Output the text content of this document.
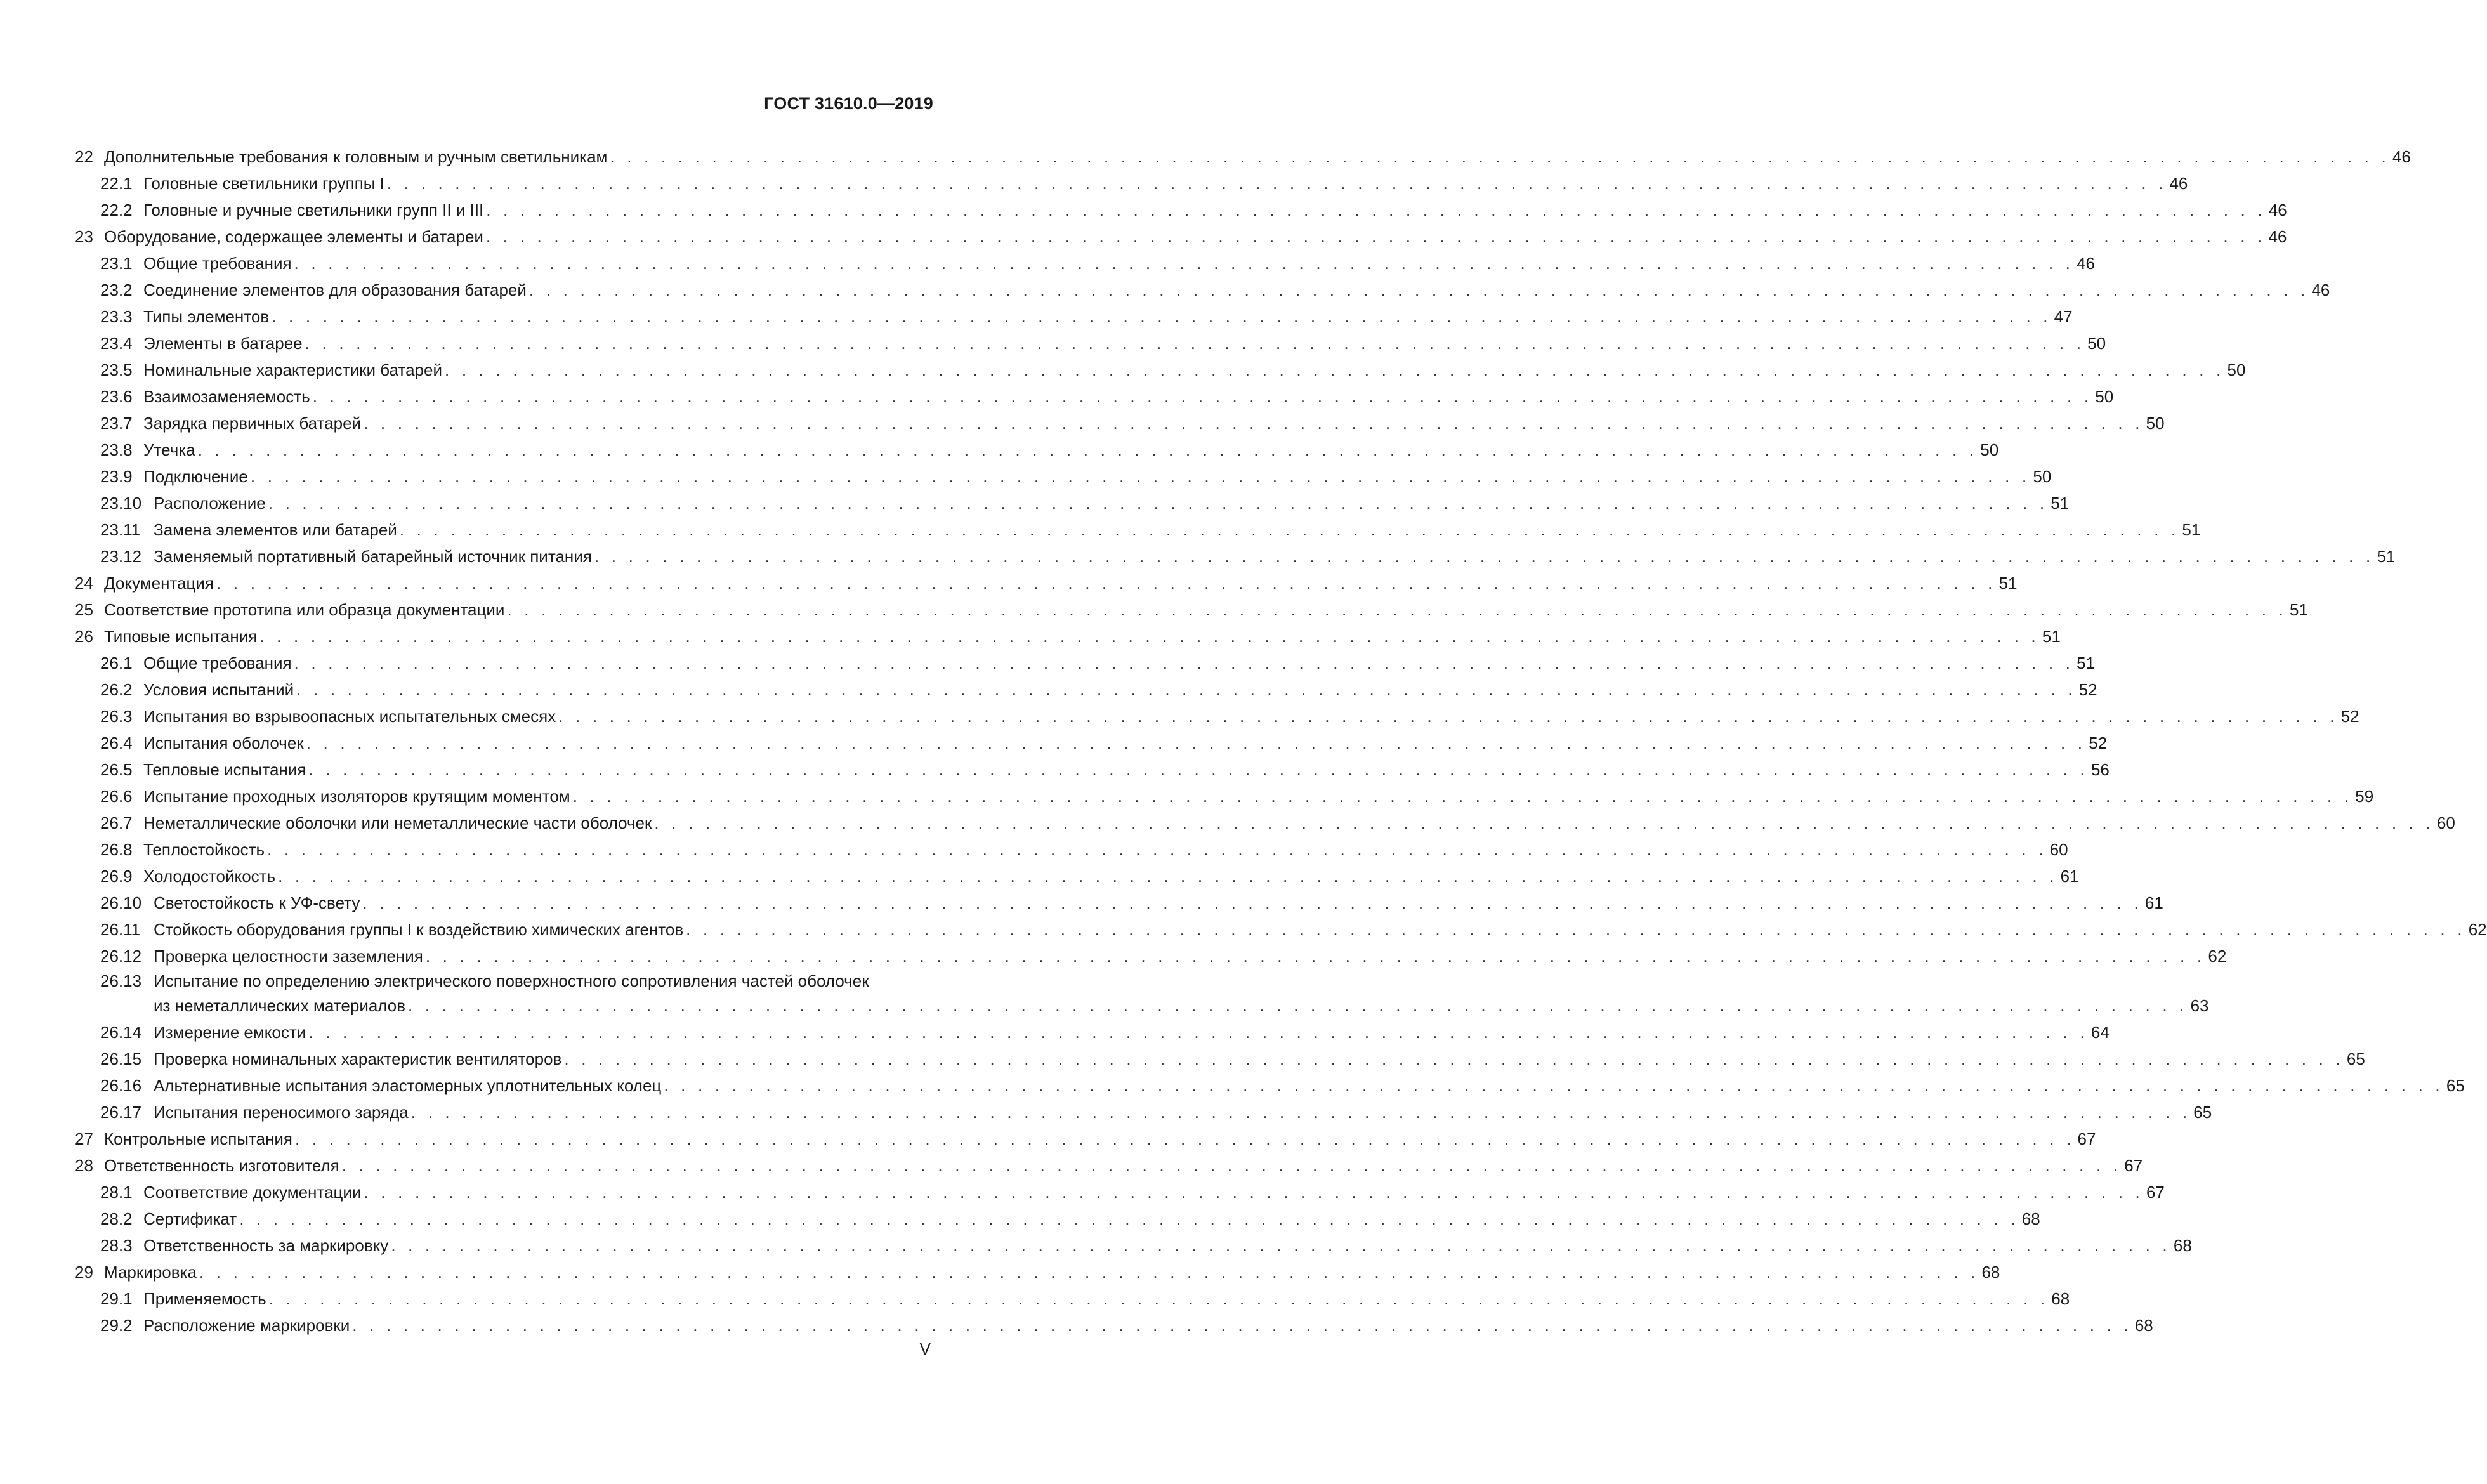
ГОСТ 31610.0—2019
22 Дополнительные требования к головным и ручным светильникам . . . . . . . . . . . . . . . . . . . . . . . . . . . . . . . . . . . . . . . . . . . . . . . . . . . . . . . . . . . . . . . . . . . . . . . . . . . . . . . . . . . . . . . . . . . . . . . . . . . . . . . . . 46
22.1 Головные светильники группы I . . . . . . . . . . . . . . . . . . . . . . . . . . . . . . . . . . . . . . . . . . . . . . . . . . . . . . . . . . . . . . . . . . . . . . . . . . . . . . . . . . . . . . . . . . . . . . . . . . . . . . . . . 46
22.2 Головные и ручные светильники групп II и III . . . . . . . . . . . . . . . . . . . . . . . . . . . . . . . . . . . . . . . . . . . . . . . . . . . . . . . . . . . . . . . . . . . . . . . . . . . . . . . . . . . . . . . . . . . . . . . . . . . . . . . . . 46
23 Оборудование, содержащее элементы и батареи . . . . . . . . . . . . . . . . . . . . . . . . . . . . . . . . . . . . . . . . . . . . . . . . . . . . . . . . . . . . . . . . . . . . . . . . . . . . . . . . . . . . . . . . . . . . . . . . . . . . . . . . . 46
23.1 Общие требования . . . . . . . . . . . . . . . . . . . . . . . . . . . . . . . . . . . . . . . . . . . . . . . . . . . . . . . . . . . . . . . . . . . . . . . . . . . . . . . . . . . . . . . . . . . . . . . . . . . . . . . . . 46
23.2 Соединение элементов для образования батарей . . . . . . . . . . . . . . . . . . . . . . . . . . . . . . . . . . . . . . . . . . . . . . . . . . . . . . . . . . . . . . . . . . . . . . . . . . . . . . . . . . . . . . . . . . . . . . . . . . . . . . . . . 46
23.3 Типы элементов . . . . . . . . . . . . . . . . . . . . . . . . . . . . . . . . . . . . . . . . . . . . . . . . . . . . . . . . . . . . . . . . . . . . . . . . . . . . . . . . . . . . . . . . . . . . . . . . . . . . . . . . . 47
23.4 Элементы в батарее . . . . . . . . . . . . . . . . . . . . . . . . . . . . . . . . . . . . . . . . . . . . . . . . . . . . . . . . . . . . . . . . . . . . . . . . . . . . . . . . . . . . . . . . . . . . . . . . . . . . . . . . . 50
23.5 Номинальные характеристики батарей . . . . . . . . . . . . . . . . . . . . . . . . . . . . . . . . . . . . . . . . . . . . . . . . . . . . . . . . . . . . . . . . . . . . . . . . . . . . . . . . . . . . . . . . . . . . . . . . . . . . . . . . . 50
23.6 Взаимозаменяемость . . . . . . . . . . . . . . . . . . . . . . . . . . . . . . . . . . . . . . . . . . . . . . . . . . . . . . . . . . . . . . . . . . . . . . . . . . . . . . . . . . . . . . . . . . . . . . . . . . . . . . . . . 50
23.7 Зарядка первичных батарей . . . . . . . . . . . . . . . . . . . . . . . . . . . . . . . . . . . . . . . . . . . . . . . . . . . . . . . . . . . . . . . . . . . . . . . . . . . . . . . . . . . . . . . . . . . . . . . . . . . . . . . . . 50
23.8 Утечка . . . . . . . . . . . . . . . . . . . . . . . . . . . . . . . . . . . . . . . . . . . . . . . . . . . . . . . . . . . . . . . . . . . . . . . . . . . . . . . . . . . . . . . . . . . . . . . . . . . . . . . . . 50
23.9 Подключение . . . . . . . . . . . . . . . . . . . . . . . . . . . . . . . . . . . . . . . . . . . . . . . . . . . . . . . . . . . . . . . . . . . . . . . . . . . . . . . . . . . . . . . . . . . . . . . . . . . . . . . . . 50
23.10 Расположение . . . . . . . . . . . . . . . . . . . . . . . . . . . . . . . . . . . . . . . . . . . . . . . . . . . . . . . . . . . . . . . . . . . . . . . . . . . . . . . . . . . . . . . . . . . . . . . . . . . . . . . . . 51
23.11 Замена элементов или батарей . . . . . . . . . . . . . . . . . . . . . . . . . . . . . . . . . . . . . . . . . . . . . . . . . . . . . . . . . . . . . . . . . . . . . . . . . . . . . . . . . . . . . . . . . . . . . . . . . . . . . . . . . 51
23.12 Заменяемый портативный батарейный источник питания . . . . . . . . . . . . . . . . . . . . . . . . . . . . . . . . . . . . . . . . . . . . . . . . . . . . . . . . . . . . . . . . . . . . . . . . . . . . . . . . . . . . . . . . . . . . . . . . . . . . . . . . . 51
24 Документация . . . . . . . . . . . . . . . . . . . . . . . . . . . . . . . . . . . . . . . . . . . . . . . . . . . . . . . . . . . . . . . . . . . . . . . . . . . . . . . . . . . . . . . . . . . . . . . . . . . . . . . . . 51
25 Соответствие прототипа или образца документации . . . . . . . . . . . . . . . . . . . . . . . . . . . . . . . . . . . . . . . . . . . . . . . . . . . . . . . . . . . . . . . . . . . . . . . . . . . . . . . . . . . . . . . . . . . . . . . . . . . . . . . . . 51
26 Типовые испытания . . . . . . . . . . . . . . . . . . . . . . . . . . . . . . . . . . . . . . . . . . . . . . . . . . . . . . . . . . . . . . . . . . . . . . . . . . . . . . . . . . . . . . . . . . . . . . . . . . . . . . . . . 51
26.1 Общие требования . . . . . . . . . . . . . . . . . . . . . . . . . . . . . . . . . . . . . . . . . . . . . . . . . . . . . . . . . . . . . . . . . . . . . . . . . . . . . . . . . . . . . . . . . . . . . . . . . . . . . . . . . 51
26.2 Условия испытаний . . . . . . . . . . . . . . . . . . . . . . . . . . . . . . . . . . . . . . . . . . . . . . . . . . . . . . . . . . . . . . . . . . . . . . . . . . . . . . . . . . . . . . . . . . . . . . . . . . . . . . . . . 52
26.3 Испытания во взрывоопасных испытательных смесях . . . . . . . . . . . . . . . . . . . . . . . . . . . . . . . . . . . . . . . . . . . . . . . . . . . . . . . . . . . . . . . . . . . . . . . . . . . . . . . . . . . . . . . . . . . . . . . . . . . . . . . . . 52
26.4 Испытания оболочек . . . . . . . . . . . . . . . . . . . . . . . . . . . . . . . . . . . . . . . . . . . . . . . . . . . . . . . . . . . . . . . . . . . . . . . . . . . . . . . . . . . . . . . . . . . . . . . . . . . . . . . . . 52
26.5 Тепловые испытания . . . . . . . . . . . . . . . . . . . . . . . . . . . . . . . . . . . . . . . . . . . . . . . . . . . . . . . . . . . . . . . . . . . . . . . . . . . . . . . . . . . . . . . . . . . . . . . . . . . . . . . . . 56
26.6 Испытание проходных изоляторов крутящим моментом . . . . . . . . . . . . . . . . . . . . . . . . . . . . . . . . . . . . . . . . . . . . . . . . . . . . . . . . . . . . . . . . . . . . . . . . . . . . . . . . . . . . . . . . . . . . . . . . . . . . . . . . . 59
26.7 Неметаллические оболочки или неметаллические части оболочек . . . . . . . . . . . . . . . . . . . . . . . . . . . . . . . . . . . . . . . . . . . . . . . . . . . . . . . . . . . . . . . . . . . . . . . . . . . . . . . . . . . . . . . . . . . . . . . . . . . . . . . . . 60
26.8 Теплостойкость . . . . . . . . . . . . . . . . . . . . . . . . . . . . . . . . . . . . . . . . . . . . . . . . . . . . . . . . . . . . . . . . . . . . . . . . . . . . . . . . . . . . . . . . . . . . . . . . . . . . . . . . . 60
26.9 Холодостойкость . . . . . . . . . . . . . . . . . . . . . . . . . . . . . . . . . . . . . . . . . . . . . . . . . . . . . . . . . . . . . . . . . . . . . . . . . . . . . . . . . . . . . . . . . . . . . . . . . . . . . . . . . 61
26.10 Светостойкость к УФ-свету . . . . . . . . . . . . . . . . . . . . . . . . . . . . . . . . . . . . . . . . . . . . . . . . . . . . . . . . . . . . . . . . . . . . . . . . . . . . . . . . . . . . . . . . . . . . . . . . . . . . . . . . . 61
26.11 Стойкость оборудования группы I к воздействию химических агентов . . . . . . . . . . . . . . . . . . . . . . . . . . . . . . . . . . . . . . . . . . . . . . . . . . . . . . . . . . . . . . . . . . . . . . . . . . . . . . . . . . . . . . . . . . . . . . . . . . . . . . . . . 62
26.12 Проверка целостности заземления . . . . . . . . . . . . . . . . . . . . . . . . . . . . . . . . . . . . . . . . . . . . . . . . . . . . . . . . . . . . . . . . . . . . . . . . . . . . . . . . . . . . . . . . . . . . . . . . . . . . . . . . . 62
26.13 Испытание по определению электрического поверхностного сопротивления частей оболочек
из неметаллических материалов . . . . . . . . . . . . . . . . . . . . . . . . . . . . . . . . . . . . . . . . . . . . . . . . . . . . . . . . . . . . . . . . . . . . . . . . . . . . . . . . . . . . . . . . . . . . . . . . . . . . . . . . . 63
26.14 Измерение емкости . . . . . . . . . . . . . . . . . . . . . . . . . . . . . . . . . . . . . . . . . . . . . . . . . . . . . . . . . . . . . . . . . . . . . . . . . . . . . . . . . . . . . . . . . . . . . . . . . . . . . . . . . 64
26.15 Проверка номинальных характеристик вентиляторов . . . . . . . . . . . . . . . . . . . . . . . . . . . . . . . . . . . . . . . . . . . . . . . . . . . . . . . . . . . . . . . . . . . . . . . . . . . . . . . . . . . . . . . . . . . . . . . . . . . . . . . . . 65
26.16 Альтернативные испытания эластомерных уплотнительных колец . . . . . . . . . . . . . . . . . . . . . . . . . . . . . . . . . . . . . . . . . . . . . . . . . . . . . . . . . . . . . . . . . . . . . . . . . . . . . . . . . . . . . . . . . . . . . . . . . . . . . . . . . 65
26.17 Испытания переносимого заряда . . . . . . . . . . . . . . . . . . . . . . . . . . . . . . . . . . . . . . . . . . . . . . . . . . . . . . . . . . . . . . . . . . . . . . . . . . . . . . . . . . . . . . . . . . . . . . . . . . . . . . . . . 65
27 Контрольные испытания . . . . . . . . . . . . . . . . . . . . . . . . . . . . . . . . . . . . . . . . . . . . . . . . . . . . . . . . . . . . . . . . . . . . . . . . . . . . . . . . . . . . . . . . . . . . . . . . . . . . . . . . . 67
28 Ответственность изготовителя . . . . . . . . . . . . . . . . . . . . . . . . . . . . . . . . . . . . . . . . . . . . . . . . . . . . . . . . . . . . . . . . . . . . . . . . . . . . . . . . . . . . . . . . . . . . . . . . . . . . . . . . . 67
28.1 Соответствие документации . . . . . . . . . . . . . . . . . . . . . . . . . . . . . . . . . . . . . . . . . . . . . . . . . . . . . . . . . . . . . . . . . . . . . . . . . . . . . . . . . . . . . . . . . . . . . . . . . . . . . . . . . 67
28.2 Сертификат . . . . . . . . . . . . . . . . . . . . . . . . . . . . . . . . . . . . . . . . . . . . . . . . . . . . . . . . . . . . . . . . . . . . . . . . . . . . . . . . . . . . . . . . . . . . . . . . . . . . . . . . . 68
28.3 Ответственность за маркировку . . . . . . . . . . . . . . . . . . . . . . . . . . . . . . . . . . . . . . . . . . . . . . . . . . . . . . . . . . . . . . . . . . . . . . . . . . . . . . . . . . . . . . . . . . . . . . . . . . . . . . . . . 68
29 Маркировка . . . . . . . . . . . . . . . . . . . . . . . . . . . . . . . . . . . . . . . . . . . . . . . . . . . . . . . . . . . . . . . . . . . . . . . . . . . . . . . . . . . . . . . . . . . . . . . . . . . . . . . . . 68
29.1 Применяемость . . . . . . . . . . . . . . . . . . . . . . . . . . . . . . . . . . . . . . . . . . . . . . . . . . . . . . . . . . . . . . . . . . . . . . . . . . . . . . . . . . . . . . . . . . . . . . . . . . . . . . . . . 68
29.2 Расположение маркировки . . . . . . . . . . . . . . . . . . . . . . . . . . . . . . . . . . . . . . . . . . . . . . . . . . . . . . . . . . . . . . . . . . . . . . . . . . . . . . . . . . . . . . . . . . . . . . . . . . . . . . . . . 68
V
